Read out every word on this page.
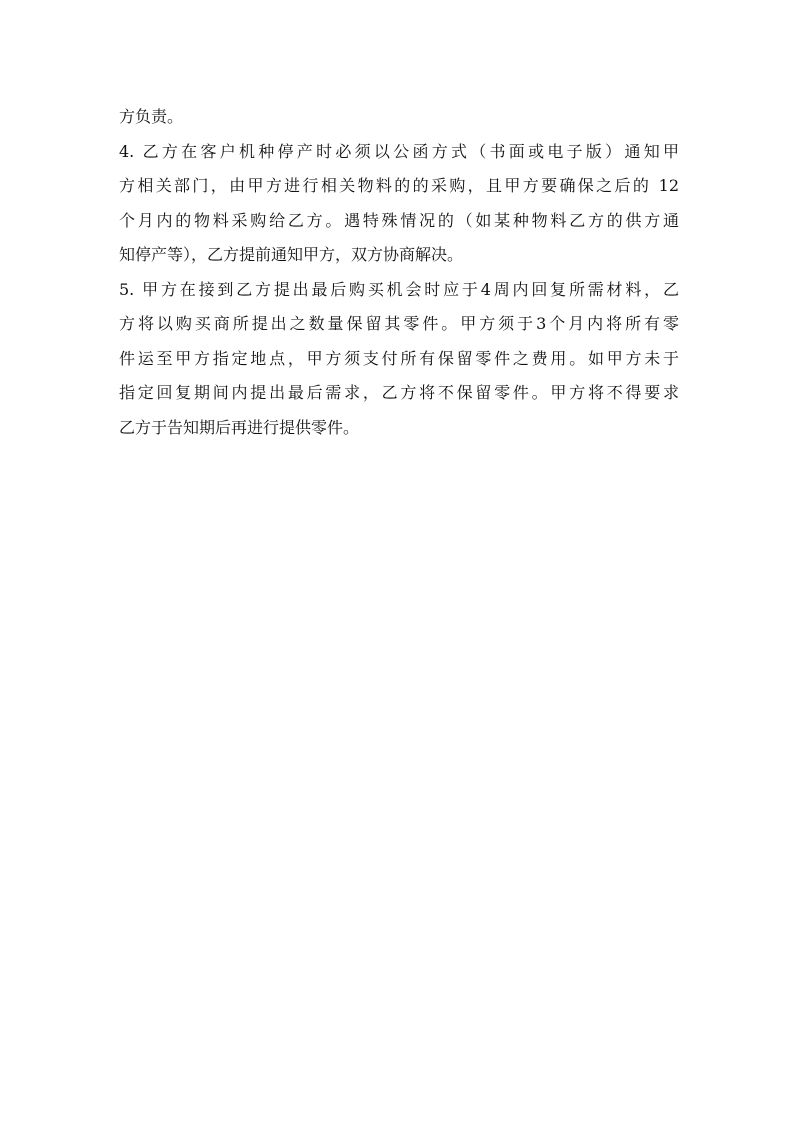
方负责。
4. 乙方在客户机种停产时必须以公函方式（书面或电子版）通知甲
方相关部门，由甲方进行相关物料的的采购，且甲方要确保之后的 12
个月内的物料采购给乙方。遇特殊情况的（如某种物料乙方的供方通
知停产等），乙方提前通知甲方，双方协商解决。
5. 甲方在接到乙方提出最后购买机会时应于4周内回复所需材料，乙
方将以购买商所提出之数量保留其零件。甲方须于3个月内将所有零
件运至甲方指定地点，甲方须支付所有保留零件之费用。如甲方未于
指定回复期间内提出最后需求，乙方将不保留零件。甲方将不得要求
乙方于告知期后再进行提供零件。
